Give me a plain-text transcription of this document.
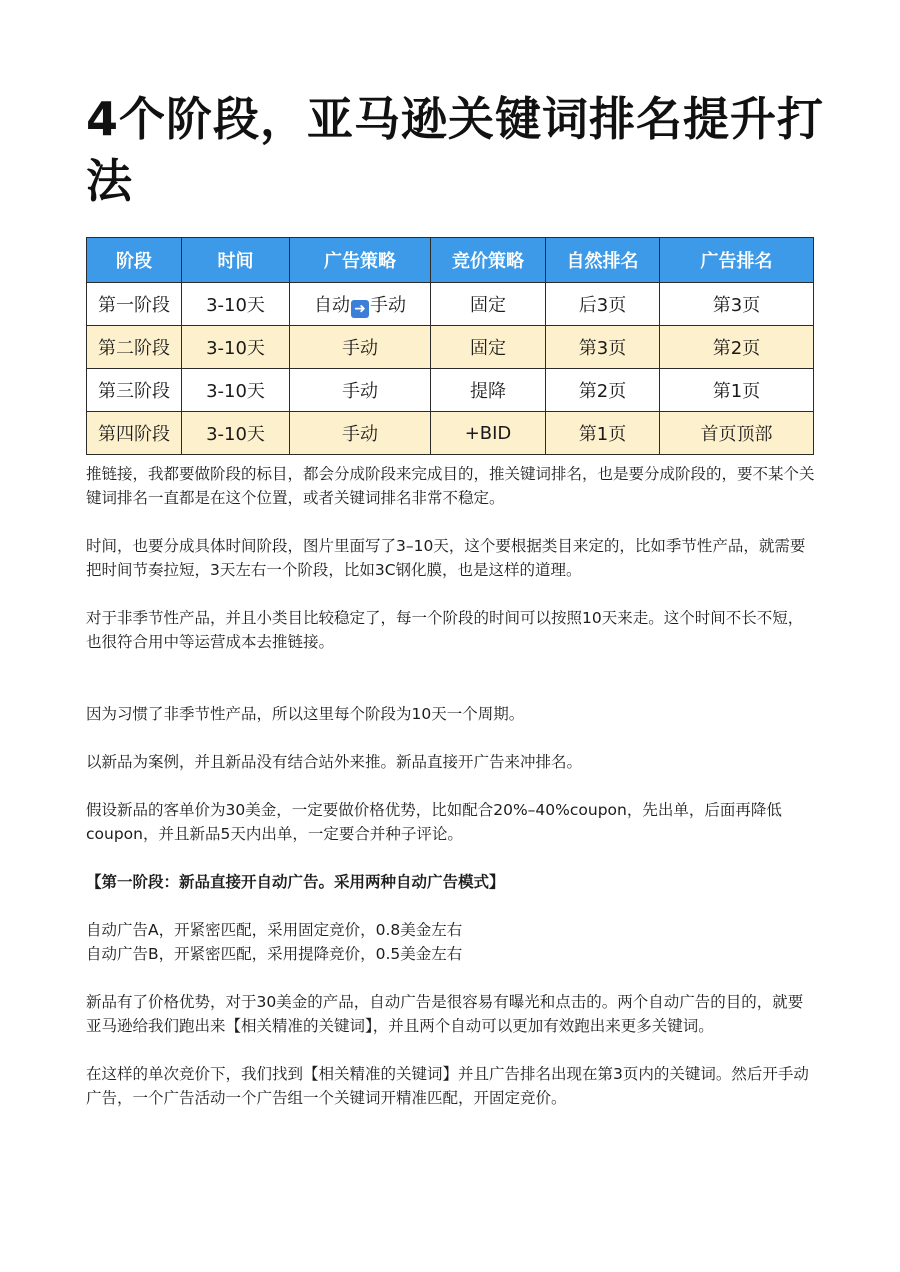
4个阶段，亚马逊关键词排名提升打法
阶段	时间	广告策略	竞价策略	自然排名	广告排名
第一阶段	3-10天	自动 ➜ 手动	固定	后3页	第3页
第二阶段	3-10天	手动	固定	第3页	第2页
第三阶段	3-10天	手动	提降	第2页	第1页
第四阶段	3-10天	手动	+BID	第1页	首页顶部

推链接，我都要做阶段的标目，都会分成阶段来完成目的，推关键词排名，也是要分成阶段的，要不某个关键词排名一直都是在这个位置，或者关键词排名非常不稳定。

时间，也要分成具体时间阶段，图片里面写了3–10天，这个要根据类目来定的，比如季节性产品，就需要把时间节奏拉短，3天左右一个阶段，比如3C钢化膜，也是这样的道理。

对于非季节性产品，并且小类目比较稳定了，每一个阶段的时间可以按照10天来走。这个时间不长不短，也很符合用中等运营成本去推链接。

因为习惯了非季节性产品，所以这里每个阶段为10天一个周期。

以新品为案例，并且新品没有结合站外来推。新品直接开广告来冲排名。

假设新品的客单价为30美金，一定要做价格优势，比如配合20%–40%coupon，先出单，后面再降低coupon，并且新品5天内出单，一定要合并种子评论。

【第一阶段：新品直接开自动广告。采用两种自动广告模式】

自动广告A，开紧密匹配，采用固定竞价，0.8美金左右

自动广告B，开紧密匹配，采用提降竞价，0.5美金左右

新品有了价格优势，对于30美金的产品，自动广告是很容易有曝光和点击的。两个自动广告的目的，就要亚马逊给我们跑出来【相关精准的关键词】，并且两个自动可以更加有效跑出来更多关键词。

在这样的单次竞价下，我们找到【相关精准的关键词】并且广告排名出现在第3页内的关键词。然后开手动广告，一个广告活动一个广告组一个关键词开精准匹配，开固定竞价。
